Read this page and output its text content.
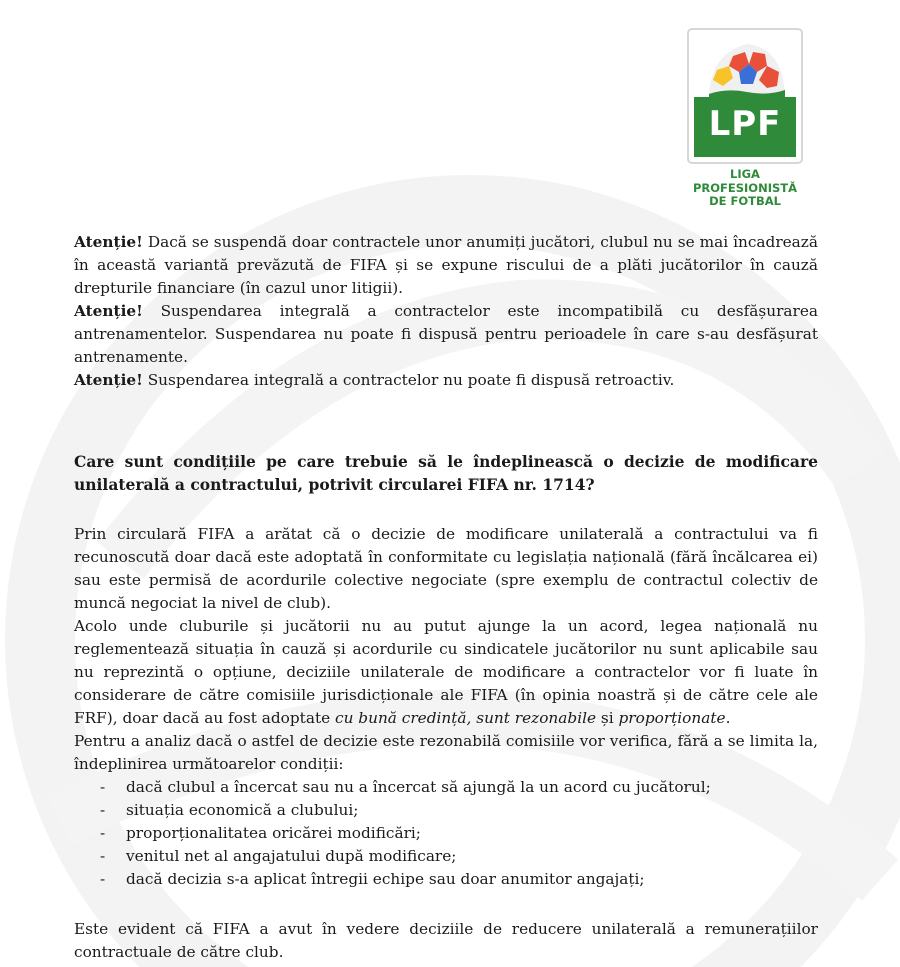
LPF
LIGA
PROFESIONISTĂ
DE FOTBAL

Atenție! Dacă se suspendă doar contractele unor anumiți jucători, clubul nu se mai încadrează în această variantă prevăzută de FIFA și se expune riscului de a plăti jucătorilor în cauză drepturile financiare (în cazul unor litigii).

Atenție! Suspendarea integrală a contractelor este incompatibilă cu desfășurarea antrenamentelor. Suspendarea nu poate fi dispusă pentru perioadele în care s-au desfășurat antrenamente.

Atenție! Suspendarea integrală a contractelor nu poate fi dispusă retroactiv.

Care sunt condițiile pe care trebuie să le îndeplinească o decizie de modificare unilaterală a contractului, potrivit circularei FIFA nr. 1714?

Prin circulară FIFA a arătat că o decizie de modificare unilaterală a contractului va fi recunoscută doar dacă este adoptată în conformitate cu legislația națională (fără încălcarea ei) sau este permisă de acordurile colective negociate (spre exemplu de contractul colectiv de muncă negociat la nivel de club).

Acolo unde cluburile și jucătorii nu au putut ajunge la un acord, legea națională nu reglementează situația în cauză și acordurile cu sindicatele jucătorilor nu sunt aplicabile sau nu reprezintă o opțiune, deciziile unilaterale de modificare a contractelor vor fi luate în considerare de către comisiile jurisdicționale ale FIFA (în opinia noastră și de către cele ale FRF), doar dacă au fost adoptate cu bună credință, sunt rezonabile și proporționate.

Pentru a analiz dacă o astfel de decizie este rezonabilă comisiile vor verifica, fără a se limita la, îndeplinirea următoarelor condiții:

- dacă clubul a încercat sau nu a încercat să ajungă la un acord cu jucătorul;
- situația economică a clubului;
- proporționalitatea oricărei modificări;
- venitul net al angajatului după modificare;
- dacă decizia s-a aplicat întregii echipe sau doar anumitor angajați;

Este evident că FIFA a avut în vedere deciziile de reducere unilaterală a remunerațiilor contractuale de către club.
